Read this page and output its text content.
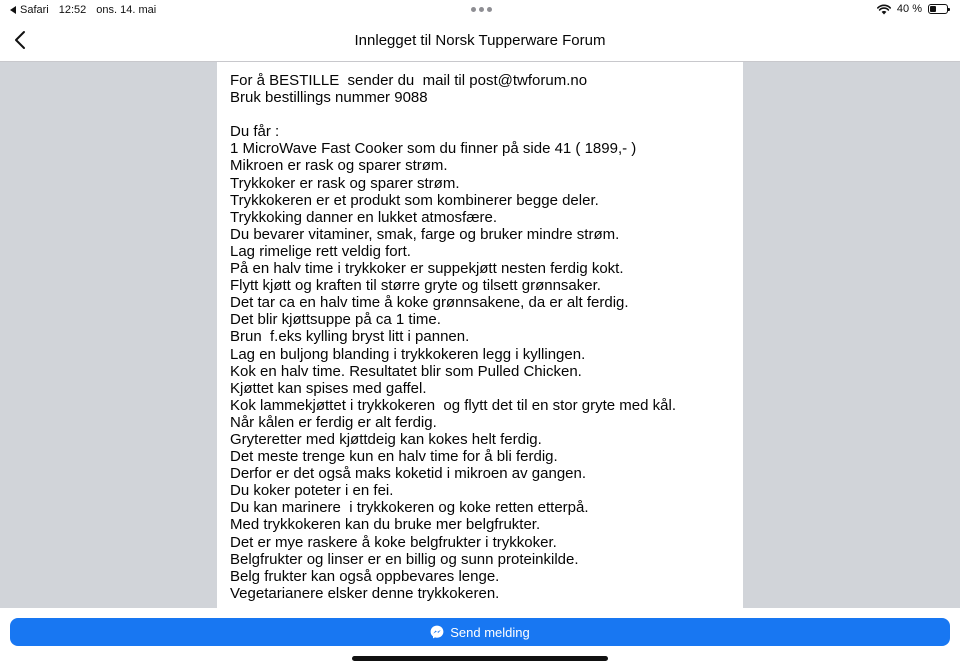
Safari 12:52 ons. 14. mai	40 %
Innlegget til Norsk Tupperware Forum

For å BESTILLE  sender du  mail til post@twforum.no

Bruk bestillings nummer 9088

Du får :

1 MicroWave Fast Cooker som du finner på side 41 ( 1899,- )

Mikroen er rask og sparer strøm.

Trykkoker er rask og sparer strøm.

Trykkokeren er et produkt som kombinerer begge deler.

Trykkoking danner en lukket atmosfære.

Du bevarer vitaminer, smak, farge og bruker mindre strøm.

Lag rimelige rett veldig fort.

På en halv time i trykkoker er suppekjøtt nesten ferdig kokt.

Flytt kjøtt og kraften til større gryte og tilsett grønnsaker.

Det tar ca en halv time å koke grønnsakene, da er alt ferdig.

Det blir kjøttsuppe på ca 1 time.

Brun  f.eks kylling bryst litt i pannen.

Lag en buljong blanding i trykkokeren legg i kyllingen.

Kok en halv time. Resultatet blir som Pulled Chicken.

Kjøttet kan spises med gaffel.

Kok lammekjøttet i trykkokeren  og flytt det til en stor gryte med kål.

Når kålen er ferdig er alt ferdig.

Gryteretter med kjøttdeig kan kokes helt ferdig.

Det meste trenge kun en halv time for å bli ferdig.

Derfor er det også maks koketid i mikroen av gangen.

Du koker poteter i en fei.

Du kan marinere  i trykkokeren og koke retten etterpå.

Med trykkokeren kan du bruke mer belgfrukter.

Det er mye raskere å koke belgfrukter i trykkoker.

Belgfrukter og linser er en billig og sunn proteinkilde.

Belg frukter kan også oppbevares lenge.

Vegetarianere elsker denne trykkokeren.

Send melding
